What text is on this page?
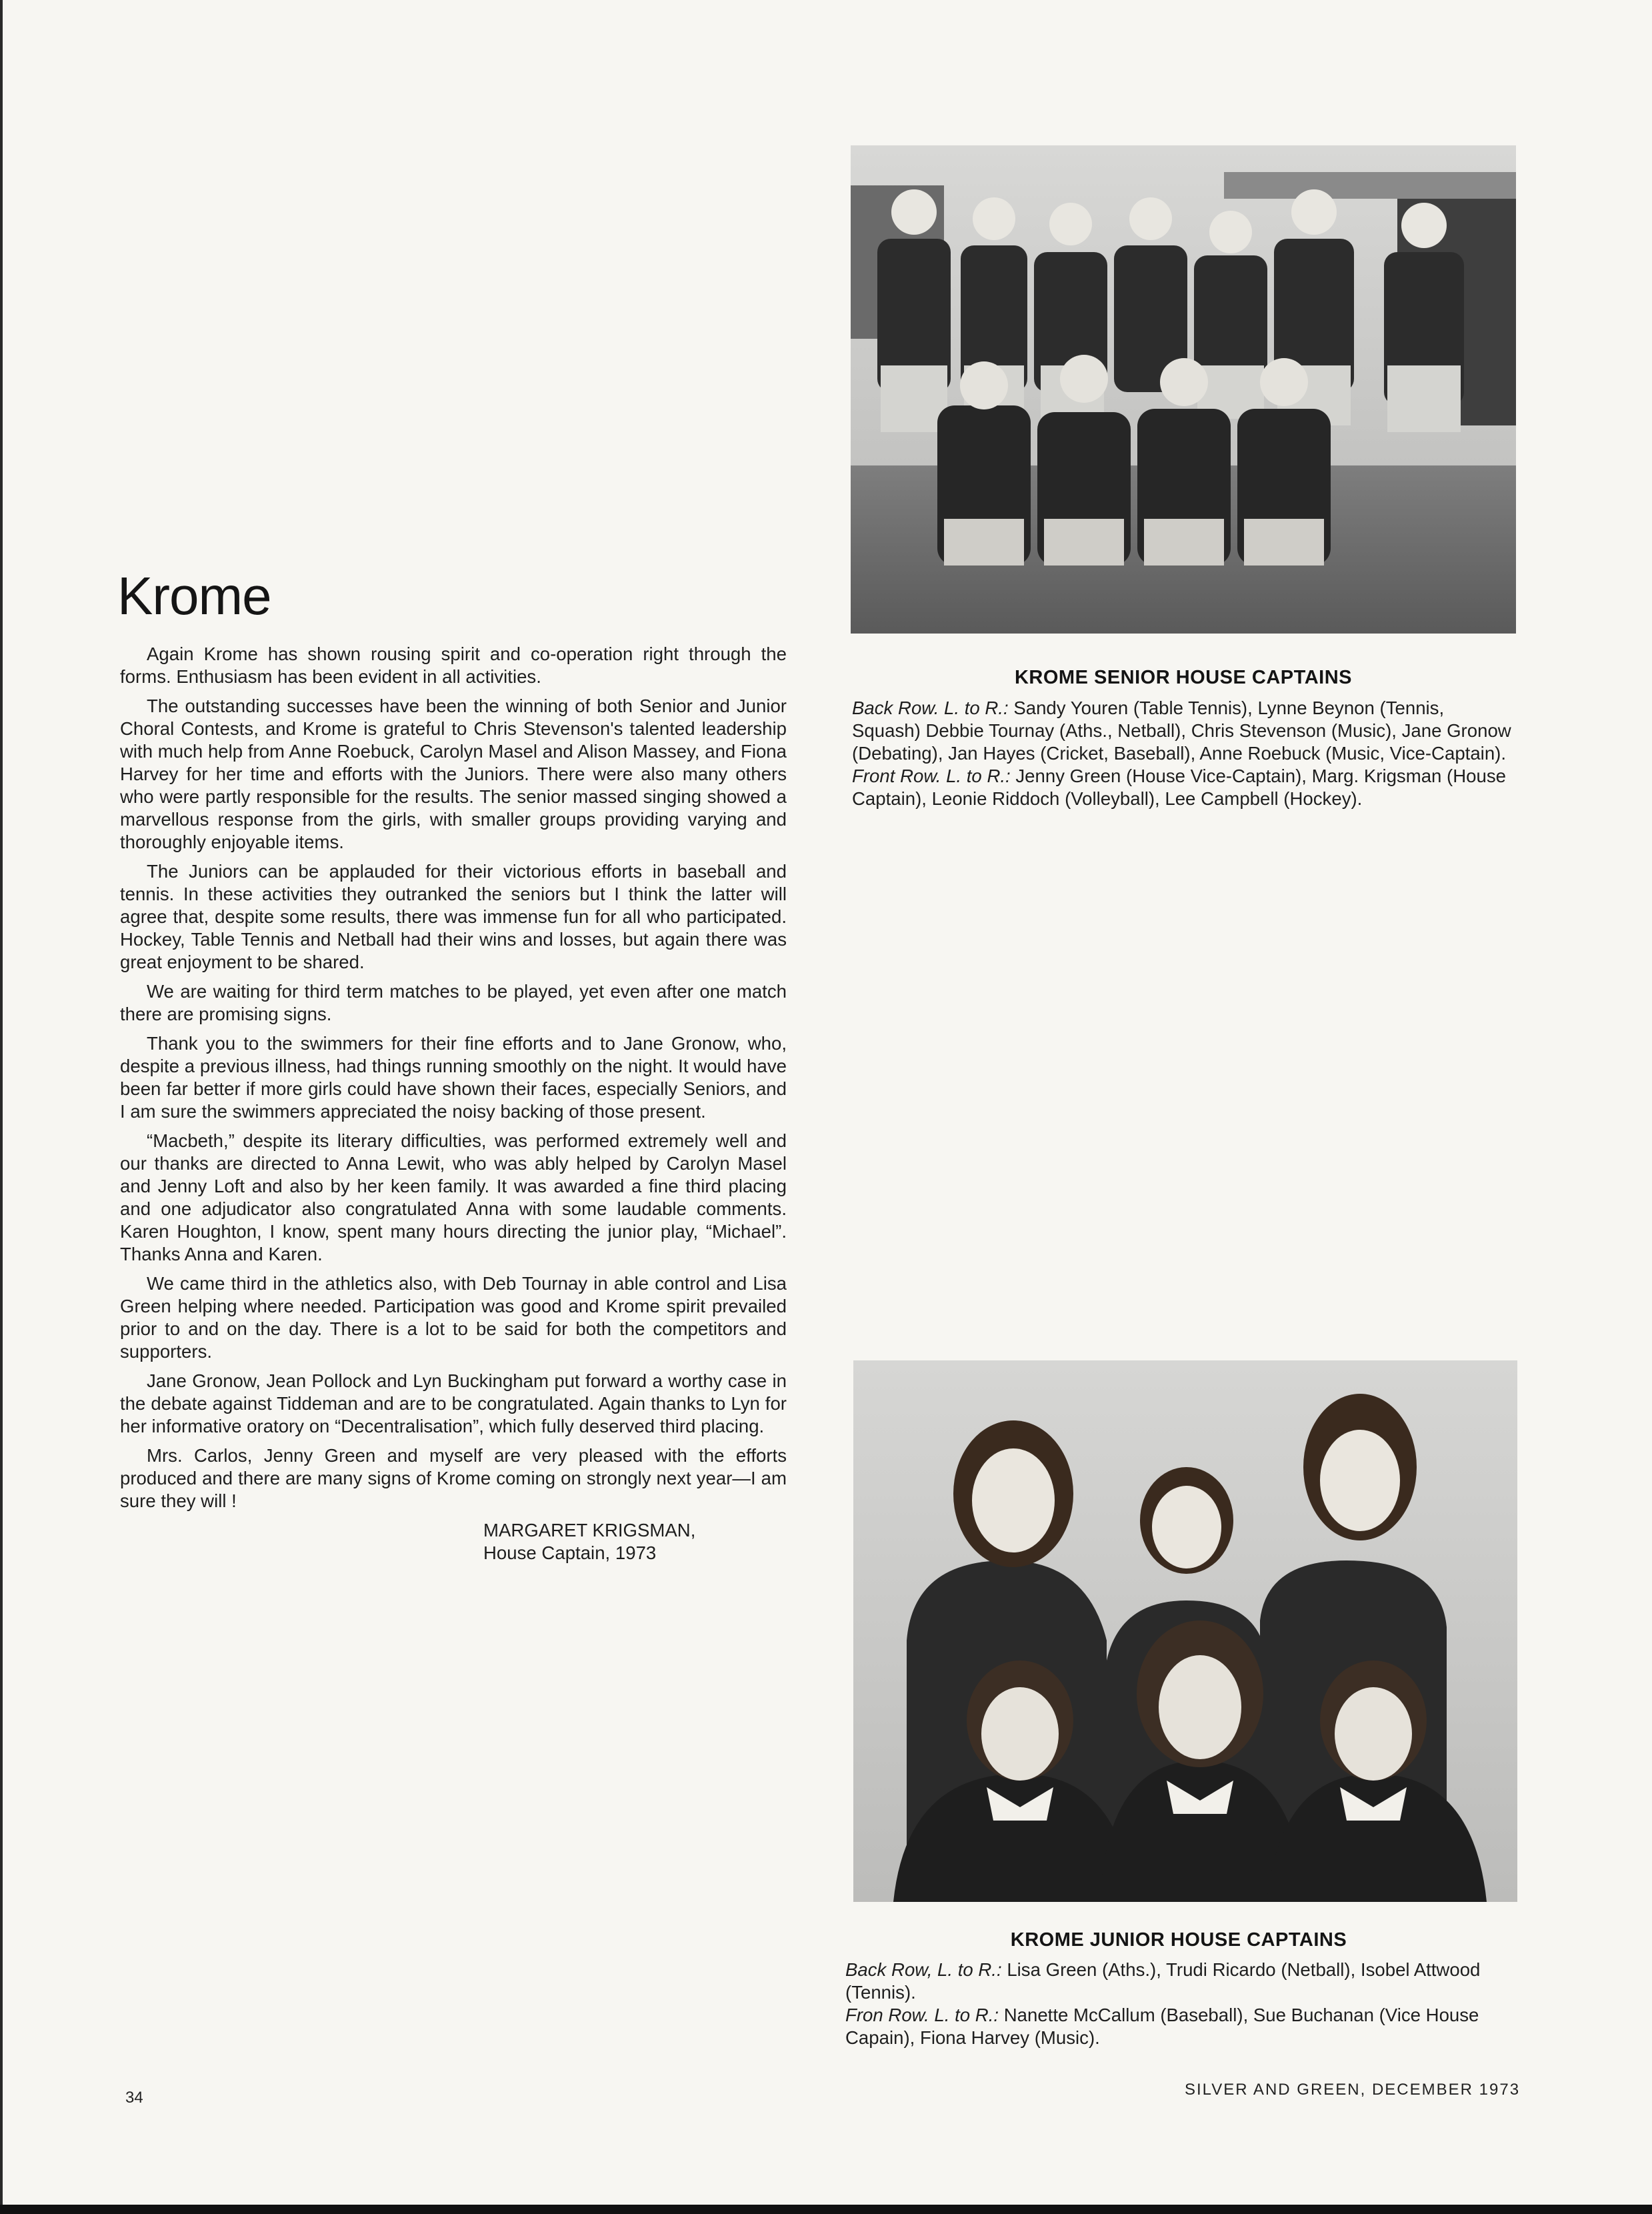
Krome

Again Krome has shown rousing spirit and co-operation right through the forms. Enthusiasm has been evident in all activities.

The outstanding successes have been the winning of both Senior and Junior Choral Contests, and Krome is grateful to Chris Stevenson's talented leadership with much help from Anne Roebuck, Carolyn Masel and Alison Massey, and Fiona Harvey for her time and efforts with the Juniors. There were also many others who were partly responsible for the results. The senior massed singing showed a marvellous response from the girls, with smaller groups providing varying and thoroughly enjoyable items.

The Juniors can be applauded for their victorious efforts in baseball and tennis. In these activities they outranked the seniors but I think the latter will agree that, despite some results, there was immense fun for all who participated. Hockey, Table Tennis and Netball had their wins and losses, but again there was great enjoyment to be shared.

We are waiting for third term matches to be played, yet even after one match there are promising signs.

Thank you to the swimmers for their fine efforts and to Jane Gronow, who, despite a previous illness, had things running smoothly on the night. It would have been far better if more girls could have shown their faces, especially Seniors, and I am sure the swimmers appreciated the noisy backing of those present.

“Macbeth,” despite its literary difficulties, was performed extremely well and our thanks are directed to Anna Lewit, who was ably helped by Carolyn Masel and Jenny Loft and also by her keen family. It was awarded a fine third placing and one adjudicator also congratulated Anna with some laudable comments. Karen Houghton, I know, spent many hours directing the junior play, “Michael”. Thanks Anna and Karen.

We came third in the athletics also, with Deb Tournay in able control and Lisa Green helping where needed. Participation was good and Krome spirit prevailed prior to and on the day. There is a lot to be said for both the competitors and supporters.

Jane Gronow, Jean Pollock and Lyn Buckingham put forward a worthy case in the debate against Tiddeman and are to be congratulated. Again thanks to Lyn for her informative oratory on “Decentralisation”, which fully deserved third placing.

Mrs. Carlos, Jenny Green and myself are very pleased with the efforts produced and there are many signs of Krome coming on strongly next year—I am sure they will !

MARGARET KRIGSMAN,
House Captain, 1973
KROME SENIOR HOUSE CAPTAINS

Back Row. L. to R.: Sandy Youren (Table Tennis), Lynne Beynon (Tennis, Squash) Debbie Tournay (Aths., Netball), Chris Stevenson (Music), Jane Gronow (Debating), Jan Hayes (Cricket, Baseball), Anne Roebuck (Music, Vice-Captain).
Front Row. L. to R.: Jenny Green (House Vice-Captain), Marg. Krigsman (House Captain), Leonie Riddoch (Volleyball), Lee Campbell (Hockey).

KROME JUNIOR HOUSE CAPTAINS

Back Row, L. to R.: Lisa Green (Aths.), Trudi Ricardo (Netball), Isobel Attwood (Tennis).
Fron Row. L. to R.: Nanette McCallum (Baseball), Sue Buchanan (Vice House Capain), Fiona Harvey (Music).

34	SILVER AND GREEN, DECEMBER 1973
